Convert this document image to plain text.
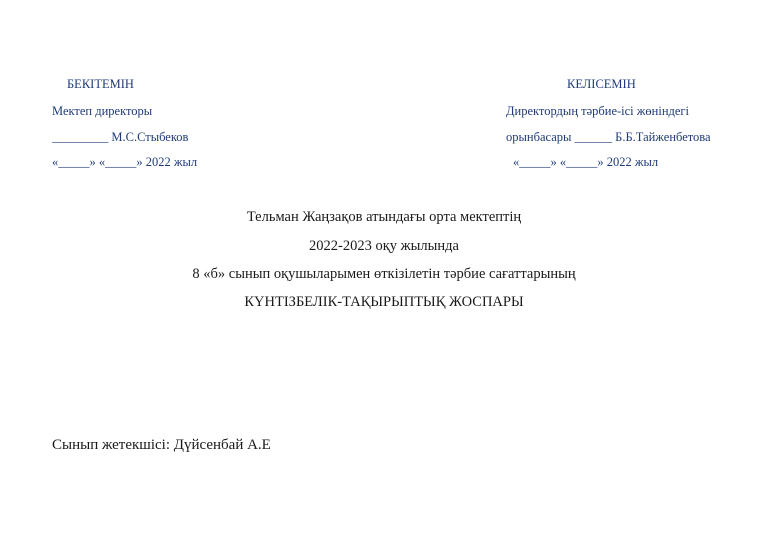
БЕКІТЕМІН
Мектеп директоры
_________ М.С.Стыбеков
«_____» «_____» 2022 жыл
КЕЛІСЕМІН
Директордың тәрбие-ісі жөніндегі
орынбасары ______ Б.Б.Тайженбетова
«_____» «_____» 2022 жыл
Тельман Жаңзақов атындағы орта мектептің
2022-2023 оқу жылында
8 «б» сынып оқушыларымен өткізілетін тәрбие сағаттарының
КҮНТІЗБЕЛІК-ТАҚЫРЫПТЫҚ ЖОСПАРЫ
Сынып жетекшісі: Дүйсенбай А.Е
